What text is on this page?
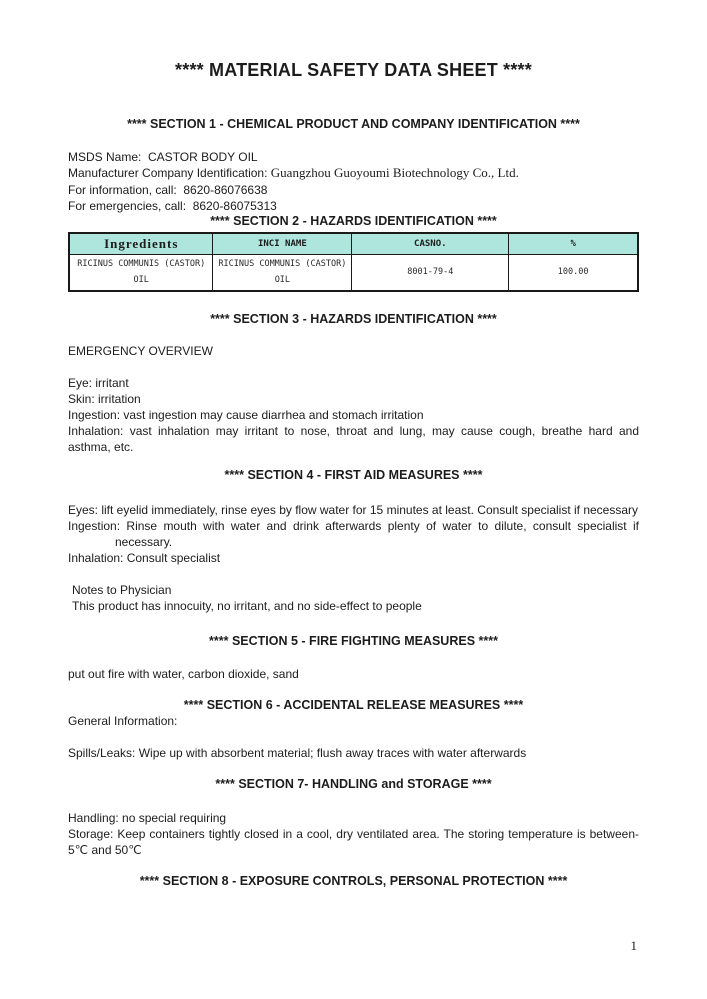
**** MATERIAL SAFETY DATA SHEET ****
**** SECTION 1 - CHEMICAL PRODUCT AND COMPANY IDENTIFICATION ****
MSDS Name:  CASTOR BODY OIL
Manufacturer Company Identification: Guangzhou Guoyoumi Biotechnology Co., Ltd.
For information, call:  8620-86076638
For emergencies, call:  8620-86075313
**** SECTION 2 - HAZARDS IDENTIFICATION ****
Ingredients	INCI NAME	CASNO.	%
RICINUS COMMUNIS (CASTOR) OIL	RICINUS COMMUNIS (CASTOR) OIL	8001-79-4	100.00
**** SECTION 3 - HAZARDS IDENTIFICATION ****
EMERGENCY OVERVIEW
Eye: irritant
Skin: irritation
Ingestion: vast ingestion may cause diarrhea and stomach irritation
Inhalation: vast inhalation may irritant to nose, throat and lung, may cause cough, breathe hard and asthma, etc.
**** SECTION 4 - FIRST AID MEASURES ****
Eyes: lift eyelid immediately, rinse eyes by flow water for 15 minutes at least. Consult specialist if necessary
Ingestion: Rinse mouth with water and drink afterwards plenty of water to dilute, consult specialist if necessary.
Inhalation: Consult specialist
Notes to Physician
This product has innocuity, no irritant, and no side-effect to people
**** SECTION 5 - FIRE FIGHTING MEASURES ****
put out fire with water, carbon dioxide, sand
**** SECTION 6 - ACCIDENTAL RELEASE MEASURES ****
General Information:
Spills/Leaks: Wipe up with absorbent material; flush away traces with water afterwards
**** SECTION 7- HANDLING and STORAGE ****
Handling: no special requiring
Storage: Keep containers tightly closed in a cool, dry ventilated area. The storing temperature is between-5℃ and 50℃
**** SECTION 8 - EXPOSURE CONTROLS, PERSONAL PROTECTION ****
1
